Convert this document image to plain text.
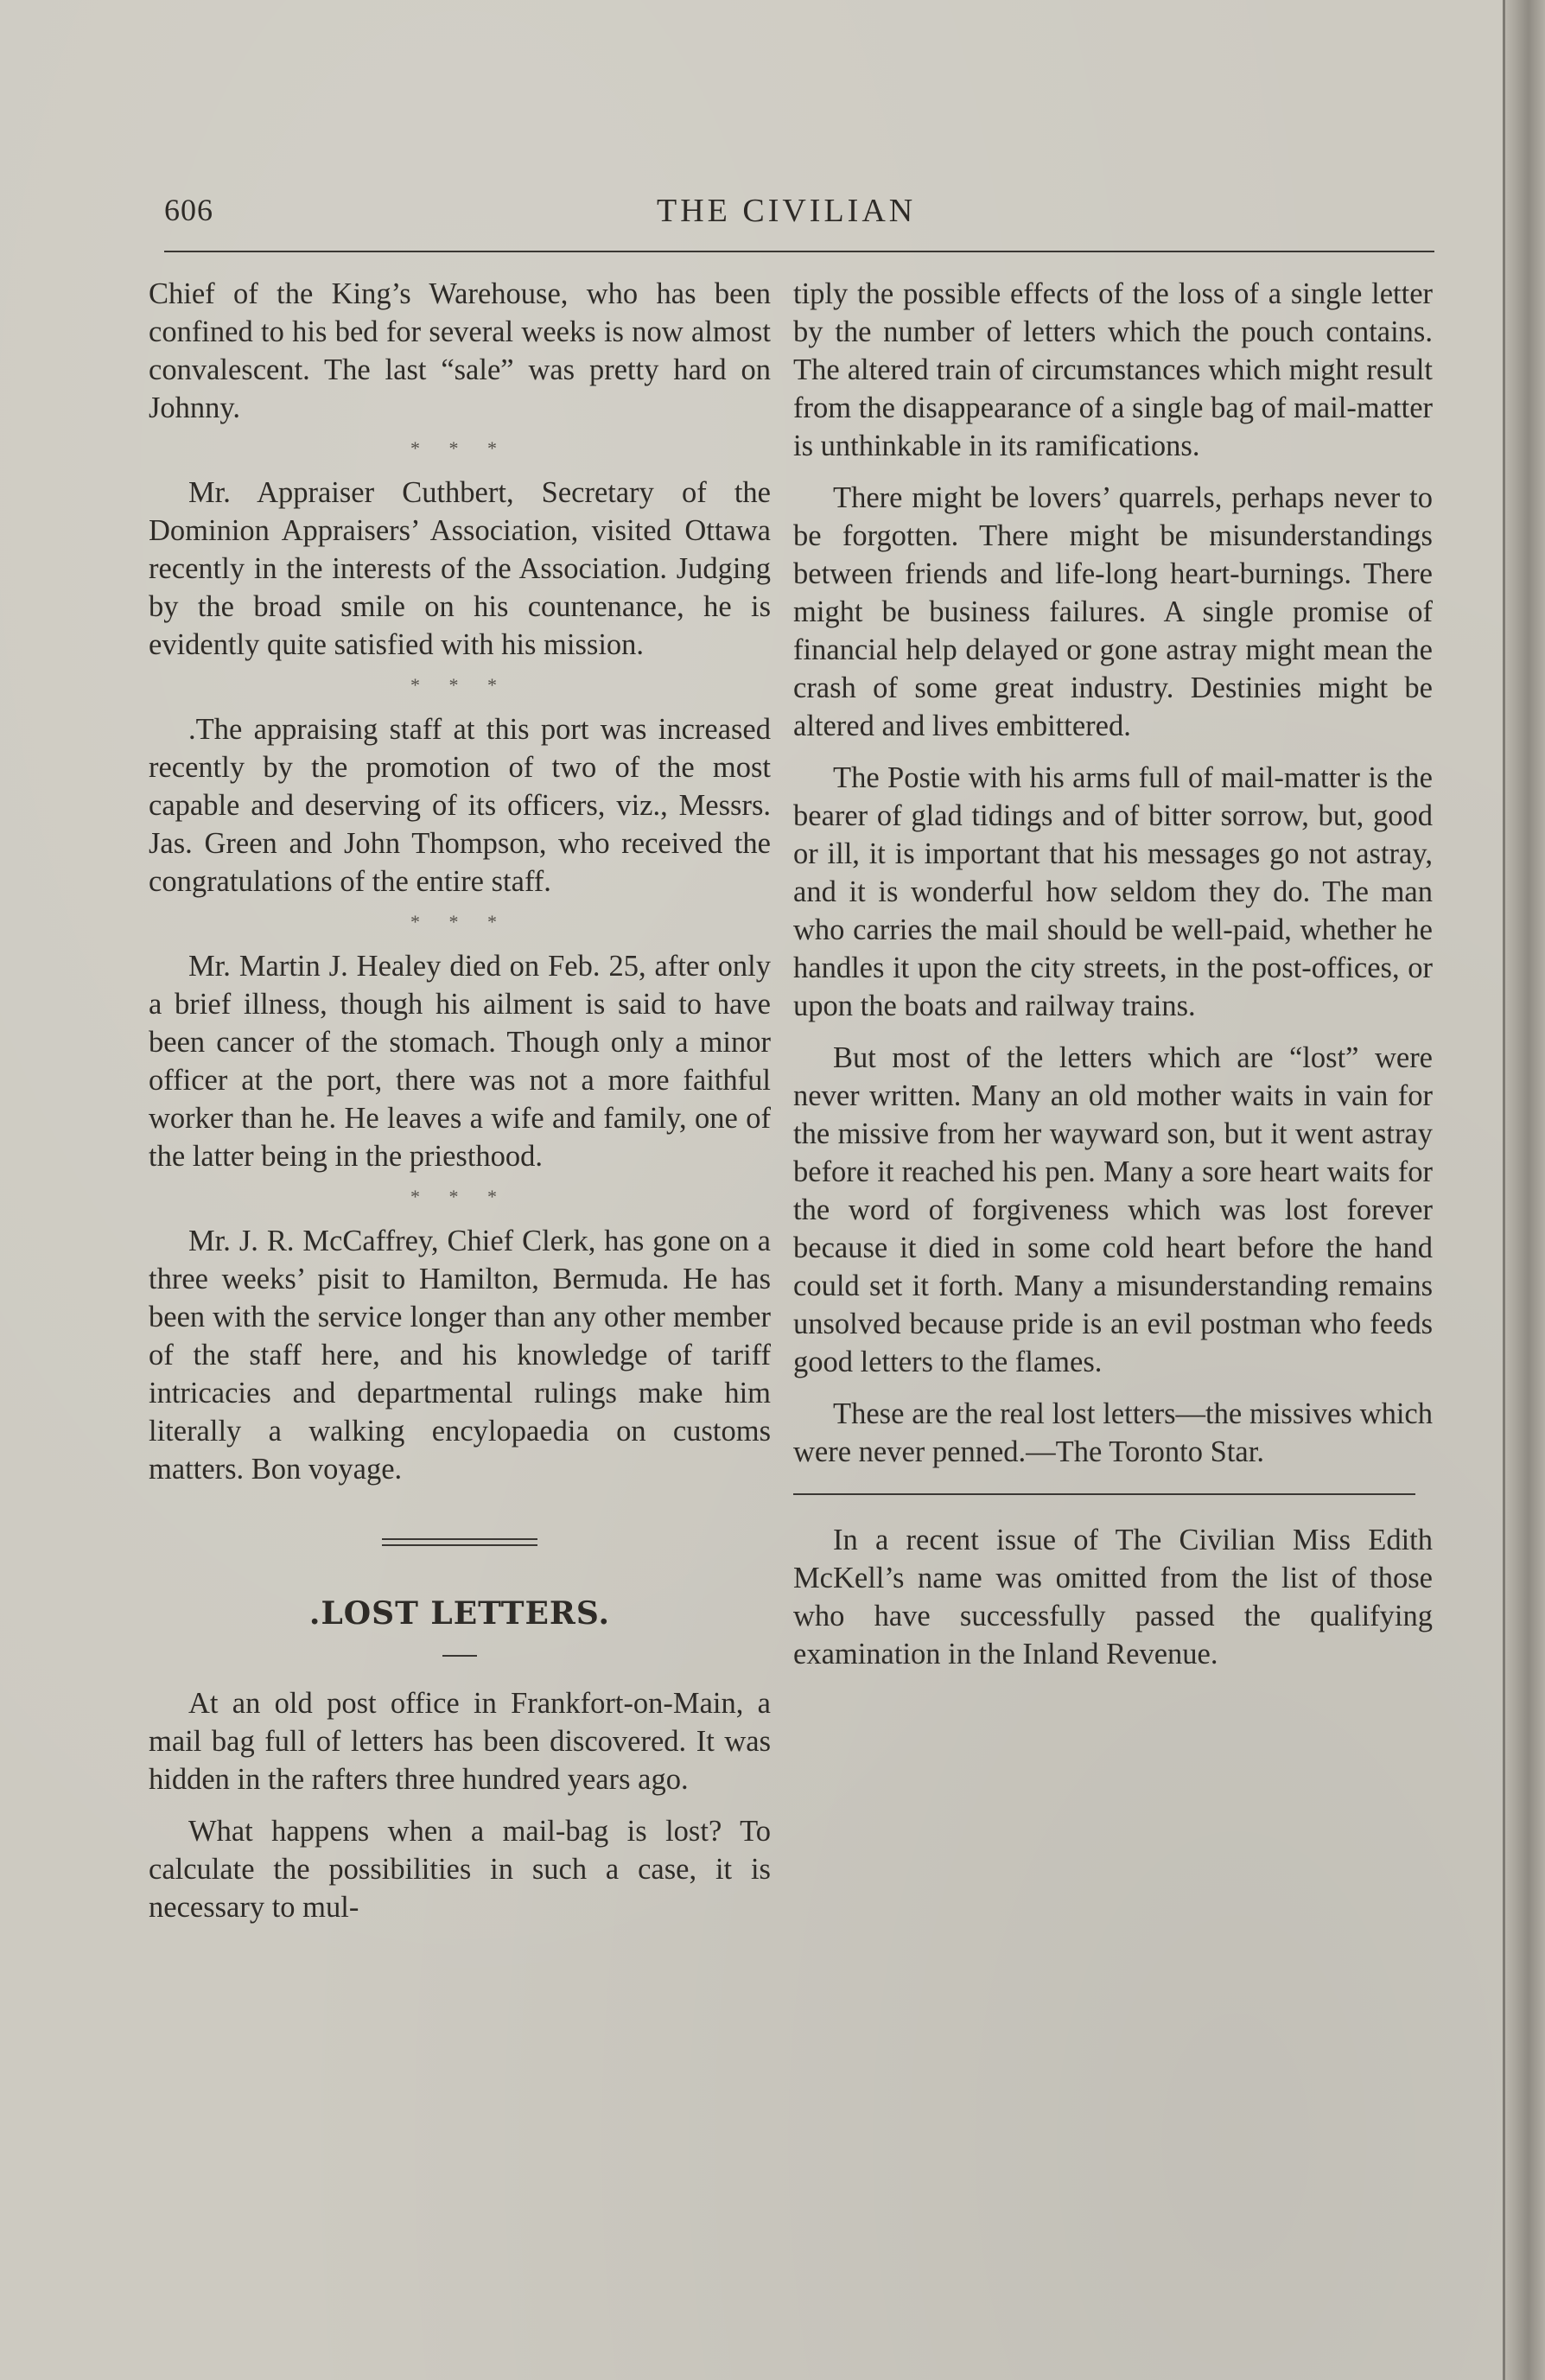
606	THE CIVILIAN

Chief of the King’s Warehouse, who has been confined to his bed for several weeks is now almost convalescent. The last “sale” was pretty hard on Johnny.

* * *

Mr. Appraiser Cuthbert, Secretary of the Dominion Appraisers’ Association, visited Ottawa recently in the interests of the Association. Judging by the broad smile on his countenance, he is evidently quite satisfied with his mission.

* * *

.The appraising staff at this port was increased recently by the promotion of two of the most capable and deserving of its officers, viz., Messrs. Jas. Green and John Thompson, who received the congratulations of the entire staff.

* * *

Mr. Martin J. Healey died on Feb. 25, after only a brief illness, though his ailment is said to have been cancer of the stomach. Though only a minor officer at the port, there was not a more faithful worker than he. He leaves a wife and family, one of the latter being in the priesthood.

* * *

Mr. J. R. McCaffrey, Chief Clerk, has gone on a three weeks’ pisit to Hamilton, Bermuda. He has been with the service longer than any other member of the staff here, and his knowledge of tariff intricacies and departmental rulings make him literally a walking encylopaedia on customs matters. Bon voyage.

.LOST LETTERS.

At an old post office in Frankfort-on-Main, a mail bag full of letters has been discovered. It was hidden in the rafters three hundred years ago.

What happens when a mail-bag is lost? To calculate the possibilities in such a case, it is necessary to mul-

tiply the possible effects of the loss of a single letter by the number of letters which the pouch contains. The altered train of circumstances which might result from the disappearance of a single bag of mail-matter is unthinkable in its ramifications.

There might be lovers’ quarrels, perhaps never to be forgotten. There might be misunderstandings between friends and life-long heart-burnings. There might be business failures. A single promise of financial help delayed or gone astray might mean the crash of some great industry. Destinies might be altered and lives embittered.

The Postie with his arms full of mail-matter is the bearer of glad tidings and of bitter sorrow, but, good or ill, it is important that his messages go not astray, and it is wonderful how seldom they do. The man who carries the mail should be well-paid, whether he handles it upon the city streets, in the post-offices, or upon the boats and railway trains.

But most of the letters which are “lost” were never written. Many an old mother waits in vain for the missive from her wayward son, but it went astray before it reached his pen. Many a sore heart waits for the word of forgiveness which was lost forever because it died in some cold heart before the hand could set it forth. Many a misunderstanding remains unsolved because pride is an evil postman who feeds good letters to the flames.

These are the real lost letters—the missives which were never penned.—The Toronto Star.

In a recent issue of The Civilian Miss Edith McKell’s name was omitted from the list of those who have successfully passed the qualifying examination in the Inland Revenue.
